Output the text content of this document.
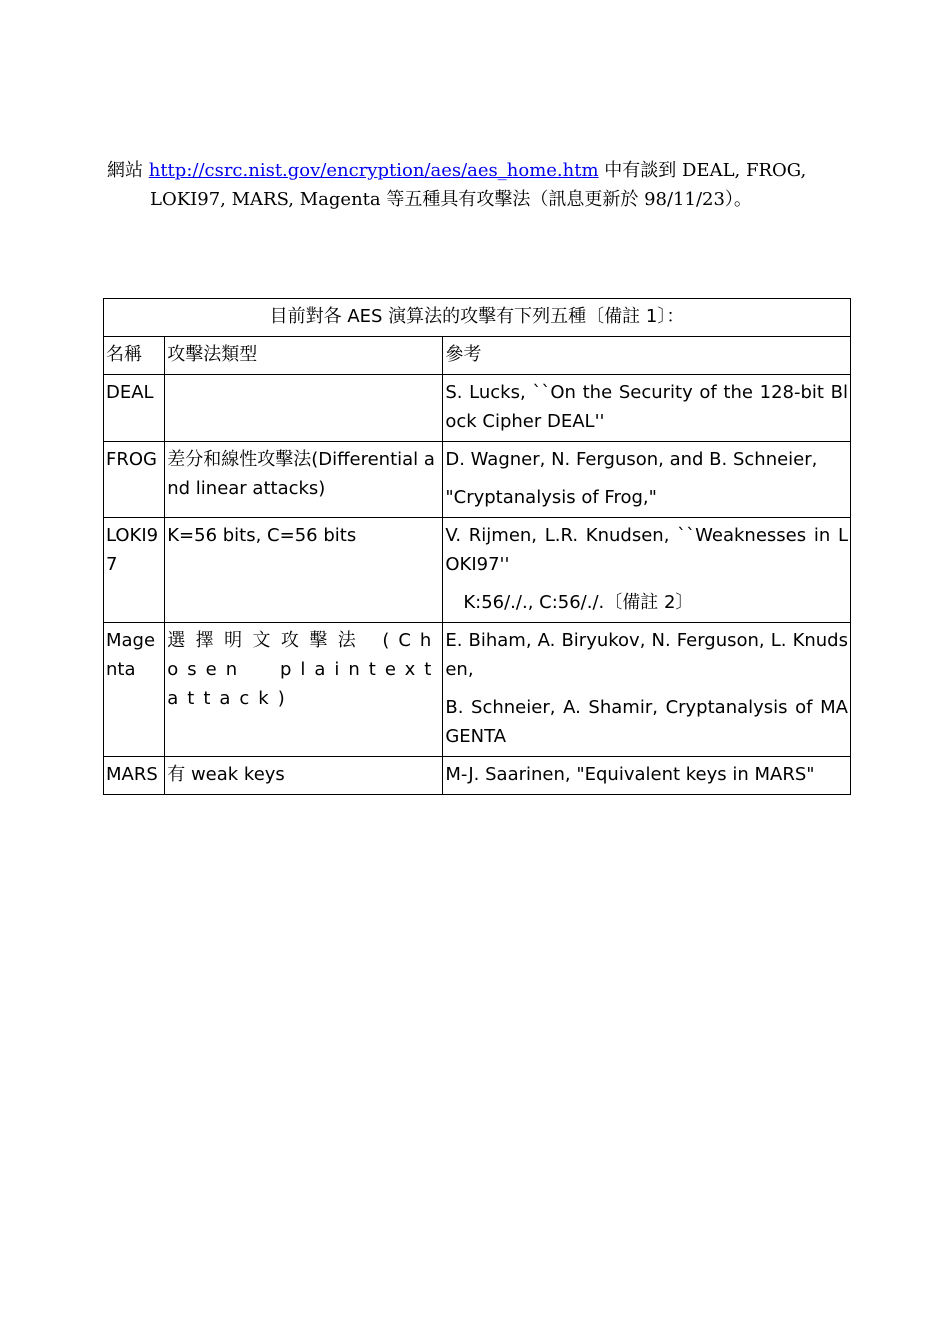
網站 http://csrc.nist.gov/encryption/aes/aes_home.htm 中有談到 DEAL, FROG, LOKI97, MARS, Magenta 等五種具有攻擊法（訊息更新於 98/11/23）。

目前對各 AES 演算法的攻擊有下列五種〔備註 1〕：		
名稱	攻擊法類型	參考
DEAL		S. Lucks, ``On the Security of the 128-bit Block Cipher DEAL''

FROG	差分和線性攻擊法(Differential and linear attacks)	D. Wagner, N. Ferguson, and B. Schneier,

"Cryptanalysis of Frog,"

LOKI97	K=56 bits, C=56 bits	V. Rijmen, L.R. Knudsen, ``Weaknesses in LOKI97''

K:56/./., C:56/./.〔備註 2〕

Magenta	選擇明文攻擊法 (Chosen plaintext attack)	E. Biham, A. Biryukov, N. Ferguson, L. Knudsen,

B. Schneier, A. Shamir, Cryptanalysis of MAGENTA

MARS	有 weak keys	M-J. Saarinen, "Equivalent keys in MARS"
